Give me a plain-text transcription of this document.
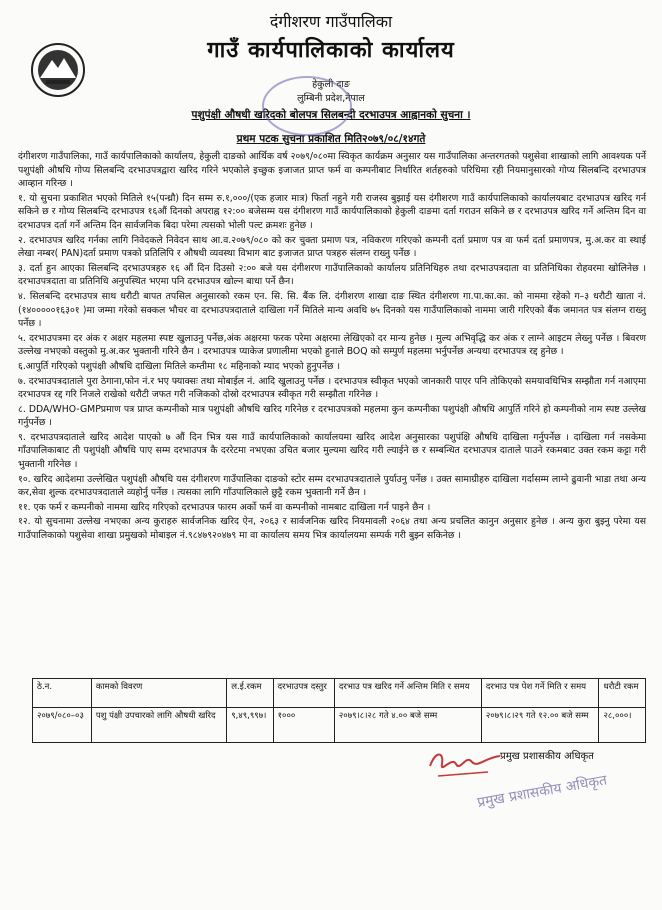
दंगीशरण गाउँपालिका
गाउँ कार्यपालिकाको कार्यालय
हेकुली दाङ
लुम्बिनी प्रदेश,नेपाल
पशुपंक्षी औषधी खरिदको बोलपत्र सिलबन्दी दरभाउपत्र आह्वानको सुचना ।
प्रथम पटक सुचना प्रकाशित मिति२०७९/०८/१४गते

दंगीशरण गाउँपालिका, गाउँ कार्यपालिकाको कार्यालय, हेकुली दाङको आर्थिक वर्ष २०७९/०८०मा स्विकृत कार्यक्रम अनुसार यस गाउँपालिका अन्तरगतको पशुसेवा शाखाको लागि आवश्यक पर्ने पशुपंक्षी औषधि गोप्य सिलबन्दि दरभाउपत्रद्वारा खरिद गरिने भएकोले इच्छुक इजाजत प्राप्त फर्म वा कम्पनीबाट निर्धारित शर्तहरुको परिधिमा रही नियमानुसारको गोप्य सिलबन्दि दरभाउपत्र आव्हान गरिन्छ ।

१. यो सुचना प्रकाशित भएको मितिले १५(पन्ध्रौ) दिन सम्म रु.१,०००/(एक हजार मात्र) फिर्ता नहुने गरी राजस्व बुझाई यस दंगीशरण गाउँ कार्यपालिकाको कार्यालयबाट दरभाउपत्र खरिद गर्न सकिने छ र गोप्य सिलबन्दि दरभाउपत्र १६औं दिनको अपराह्न १२:०० बजेसम्म यस दंगीशरण गाउँ कार्यपालिकाको हेकुली दाङमा दर्ता गराउन सकिने छ र दरभाउपत्र खरिद गर्ने अन्तिम दिन वा दरभाउपत्र दर्ता गर्ने अन्तिम दिन सार्वजनिक बिदा परेमा त्यसको भोली पल्ट क्रमशः हुनेछ ।

२. दरभाउपत्र खरिद गर्नका लागि निवेदकले निवेदन साथ आ.व.२०७९/०८० को कर चुक्ता प्रमाण पत्र, नविकरण गरिएको कम्पनी दर्ता प्रमाण पत्र वा फर्म दर्ता प्रमाणपत्र, मु.अ.कर वा स्थाई लेखा नम्बर( PAN)दर्ता प्रमाण पत्रको प्रतिलिपि र औषधी व्यवस्था विभाग बाट इजाजत प्राप्त पत्रहरु संलग्न राख्नु पर्नेछ ।

३. दर्ता हुन आएका सिलबन्दि दरभाउपत्रहरु १६ औं दिन दिउसो २:०० बजे यस दंगीशरण गाउँपालिकाको कार्यालय प्रतिनिधिहरु तथा दरभाउपत्रदाता वा प्रतिनिधिका रोहवरमा खोलिनेछ । दरभाउपत्रदाता वा प्रतिनिधि अनुपस्थित भएमा पनि दरभाउपत्र खोल्न बाधा पर्ने छैन।

४. सिलबन्दि दरभाउपत्र साथ धरौटी बापत तपसिल अनुसारको रकम एन. सि. सि. बैंक लि. दंगीशरण शाखा दाङ स्थित दंगीशरण गा.पा.का.का. को नाममा रहेको ग–३ धरौटी खाता नं.(१४०००००१६३०१ )मा जम्मा गरेको सक्कल भौचर वा दरभाउपत्रदाताले दाखिला गर्ने मितिले मान्य अवधि ७५ दिनको यस गाउँपालिकाको नाममा जारी गरिएको बैंक जमानत पत्र संलग्न राख्नु पर्नेछ ।

५. दरभाउपत्रमा दर अंक र अक्षर महलमा स्पष्ट खुलाउनु पर्नेछ,अंक अक्षरमा फरक परेमा अक्षरमा लेखिएको दर मान्य हुनेछ । मुल्य अभिवृद्धि कर अंक र लाग्ने आइटम लेख्नु पर्नेछ । बिवरण उल्लेख नभएको वस्तुको मु.अ.कर भुक्तानी गरिने छैन । दरभाउपत्र प्याकेज प्रणालीमा भएको हुनाले BOQ को सम्पुर्ण महलमा भर्नुपर्नेछ अन्यथा दरभाउपत्र रद्द हुनेछ ।

६.आपुर्ति गरिएको पशुपंक्षी औषधि दाखिला मितिले कम्तीमा १८ महिनाको म्याद भएको हुनुपर्नेछ ।

७. दरभाउपत्रदाताले पुरा ठेगाना,फोन नं.र भए फ्याक्सः तथा मोबाईल नं. आदि खुलाउनु पर्नेछ । दरभाउपत्र स्वीकृत भएको जानकारी पाएर पनि तोकिएको समयावधिभित्र सम्झौता गर्न नआएमा दरभाउपत्र रद्द गरि निजले राखेको धरौटी जफत गरी नजिकको दोस्रो दरभाउपत्र स्वीकृत गरी सम्झौता गरिनेछ ।

८. DDA/WHO-GMPप्रमाण पत्र प्राप्त कम्पनीको मात्र पशुपंक्षी औषधि खरिद गरिनेछ र दरभाउपत्रको महलमा कुन कम्पनीका पशुपंक्षी औषधि आपुर्ति गरिने हो कम्पनीको नाम स्पष्ट उल्लेख गर्नुपर्नेछ ।

९. दरभाउपत्रदाताले खरिद आदेश पाएको ७ औं दिन भित्र यस गाउँ कार्यपालिकाको कार्यालयमा खरिद आदेश अनुसारका पशुपंक्षि औषधि दाखिला गर्नुपर्नेछ । दाखिला गर्न नसकेमा गाँउपालिकाबाट ती पशुपंक्षी औषधि पाए सम्म दरभाउपत्र कै दररेटमा नभएका उचित बजार मुल्यमा खरिद गरी ल्याईने छ र सम्बन्धित दरभाउपत्र दाताले पाउने रकमबाट उक्त रकम कट्टा गरी भुक्तानी गरिनेछ ।

१०. खरिद आदेशमा उल्लेखित पशुपंक्षी औषधि यस दंगीशरण गाउँपालिका दाङको स्टोर सम्म दरभाउपत्रदाताले पुर्याउनु पर्नेछ । उक्त सामाग्रीहरु दाखिला गर्दासम्म लाग्ने ढुवानी भाडा तथा अन्य कर,सेवा शुल्क दरभाउपत्रदाताले व्यहोर्नु पर्नेछ । त्यसका लागि गाँउपालिकाले छुट्टै रकम भुक्तानी गर्ने छैन ।

११. एक फर्म र कम्पनीको नाममा खरिद गरिएको दरभाउपत्र फारम अर्को फर्म वा कम्पनीको नामबाट दाखिला गर्न पाइने छैन ।

१२. यो सुचनामा उल्लेख नभएका अन्य कुराहरु सार्वजनिक खरिद ऐन, २०६३ र सार्वजनिक खरिद नियमावली २०६४ तथा अन्य प्रचलित कानुन अनुसार हुनेछ । अन्य कुरा बुझ्नु परेमा यस गाउँपालिकाको पशुसेवा शाखा प्रमुखको मोबाइल नं.९८४७९२०४७९ मा वा कार्यालय समय भित्र कार्यालयमा सम्पर्क गरी बुझ्न सकिनेछ ।

ठे.न.	कामको विवरण	ल.ई.रकम	दरभाउपत्र दस्तुर	दरभाउ पत्र खरिद गर्ने अन्तिम मिति र समय	दरभाउ पत्र पेश गर्ने मिति र समय	धरौटी रकम
२०७९/०८०–०३	पशु पंक्षी उपचारको लागि औषधी खरिद	९,४९,९९७।	१०००	२०७९।८।२८ गते ४.०० बजे सम्म	२०७९।८।२९ गते १२.०० बजे सम्म	२८,०००।
प्रमुख प्रशासकीय अधिकृत
प्रमुख प्रशासकीय अधिकृत
